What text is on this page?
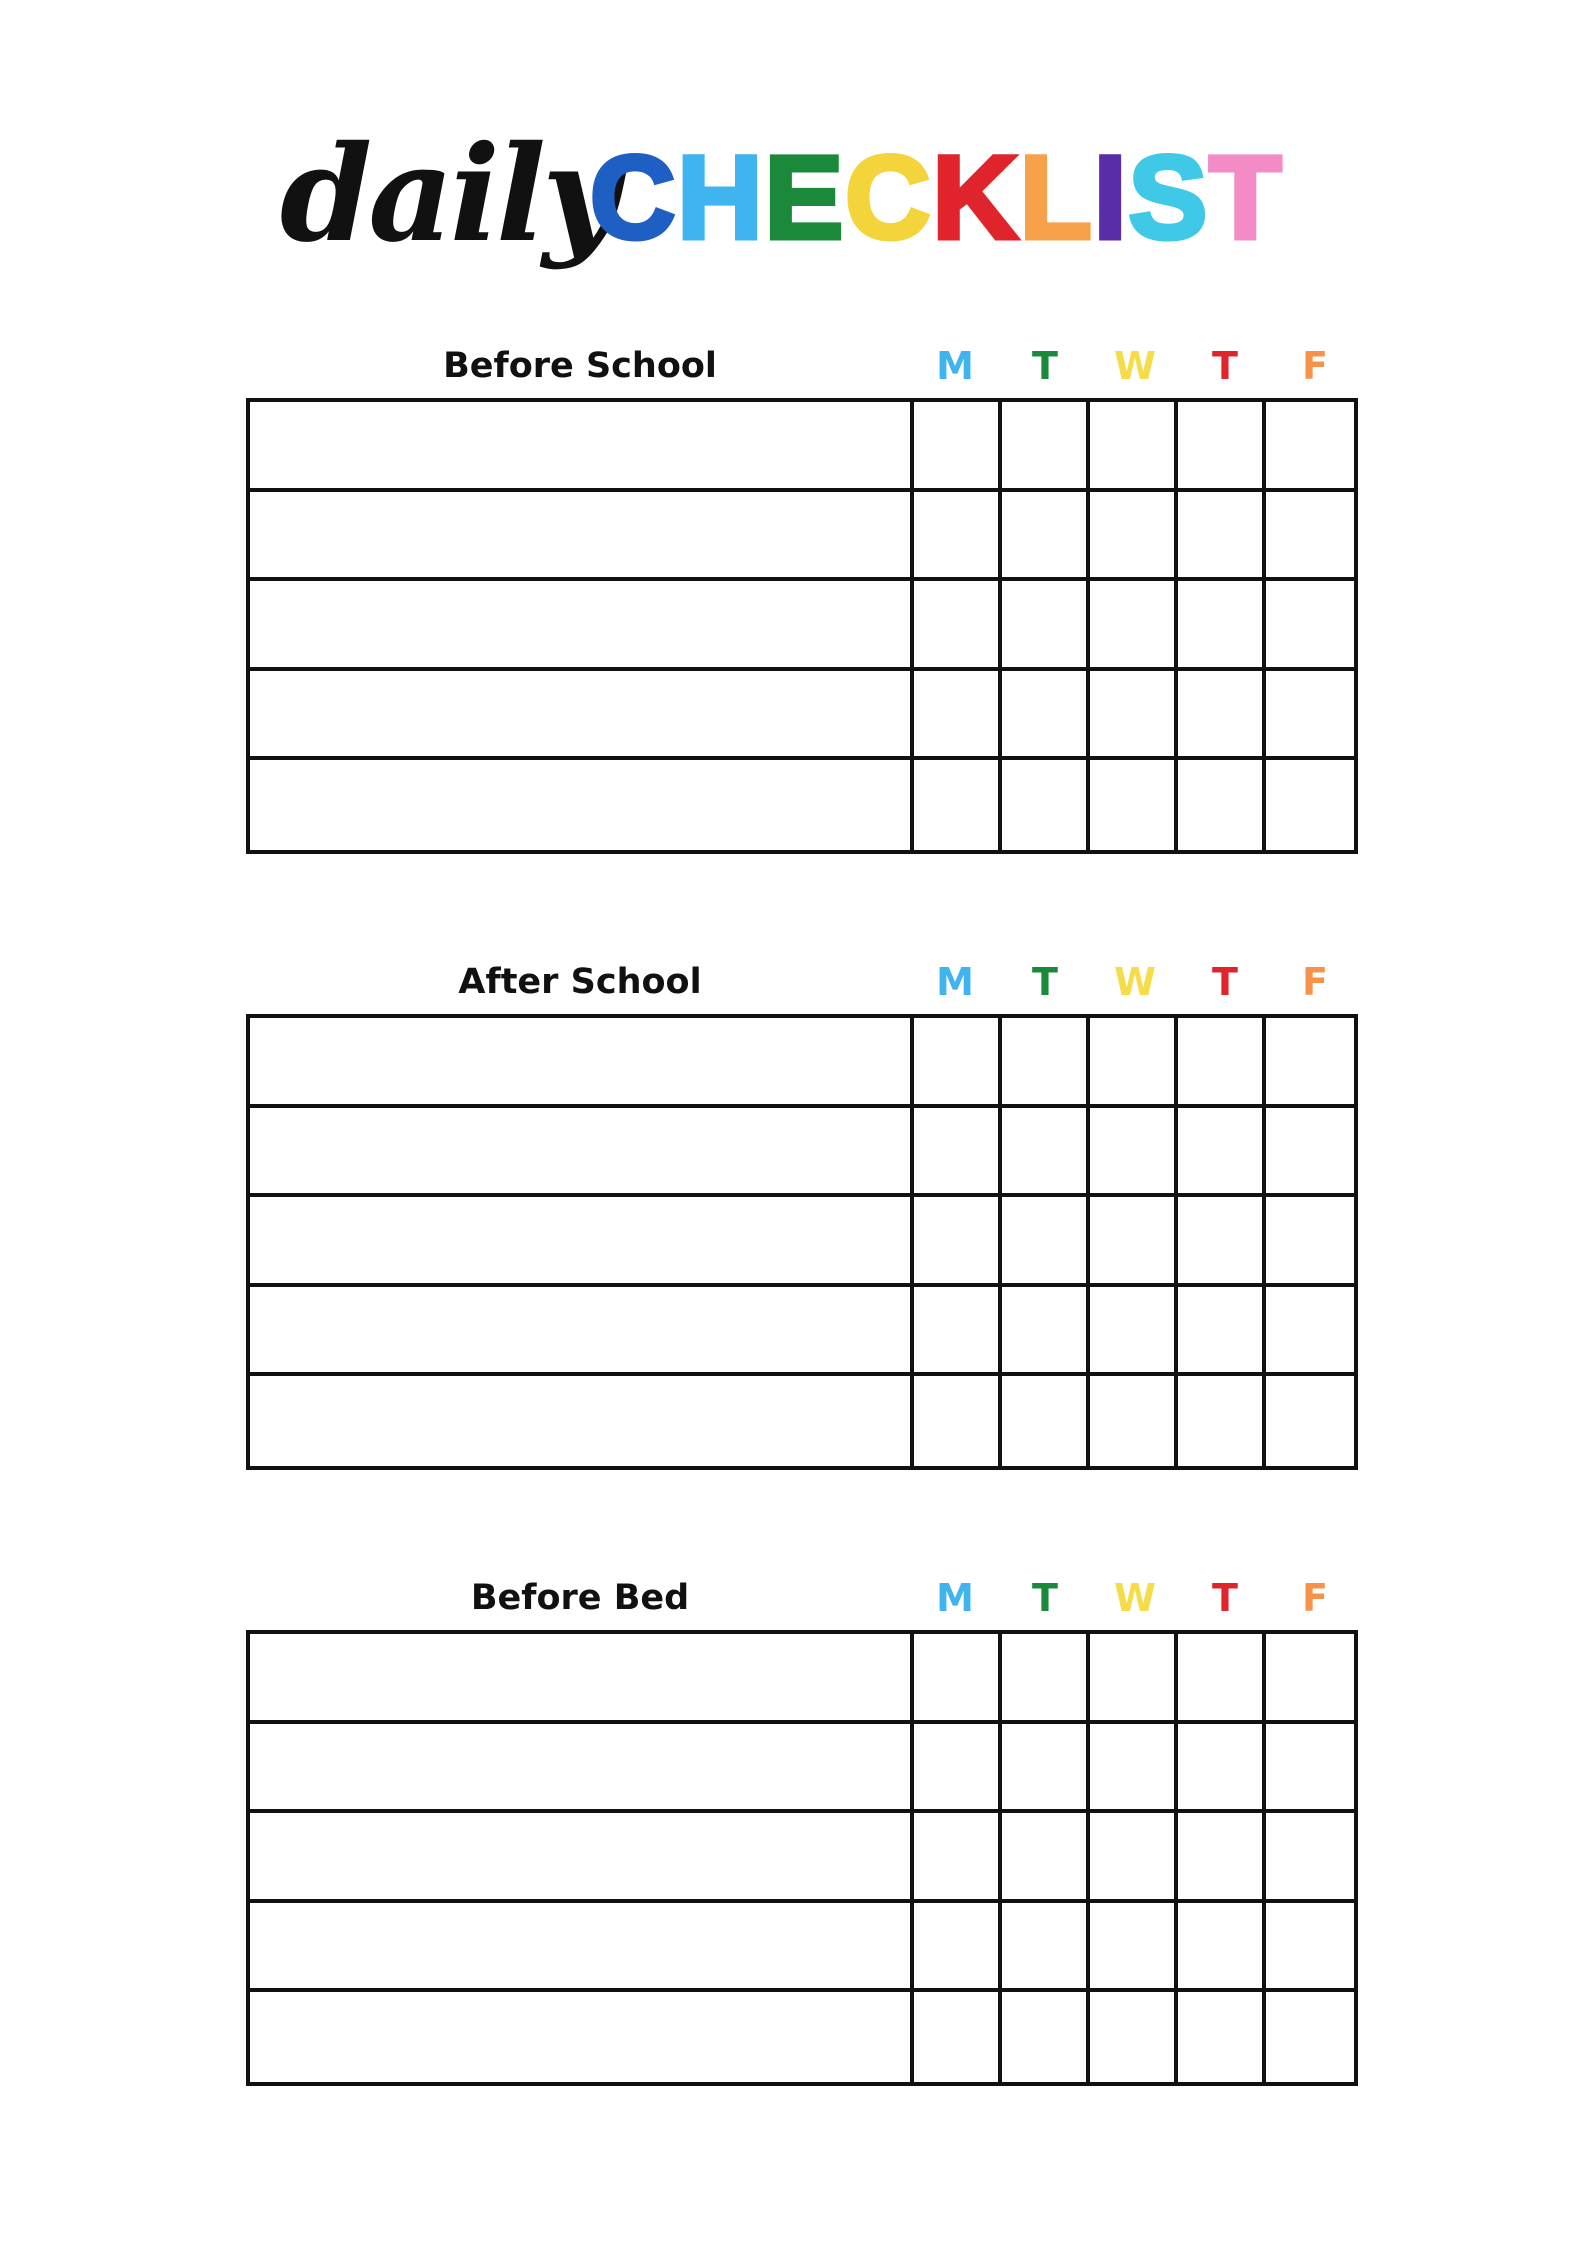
daily
C H E C K L I S T
Before School	M	T	W	T	F
After School	M	T	W	T	F
Before Bed	M	T	W	T	F
